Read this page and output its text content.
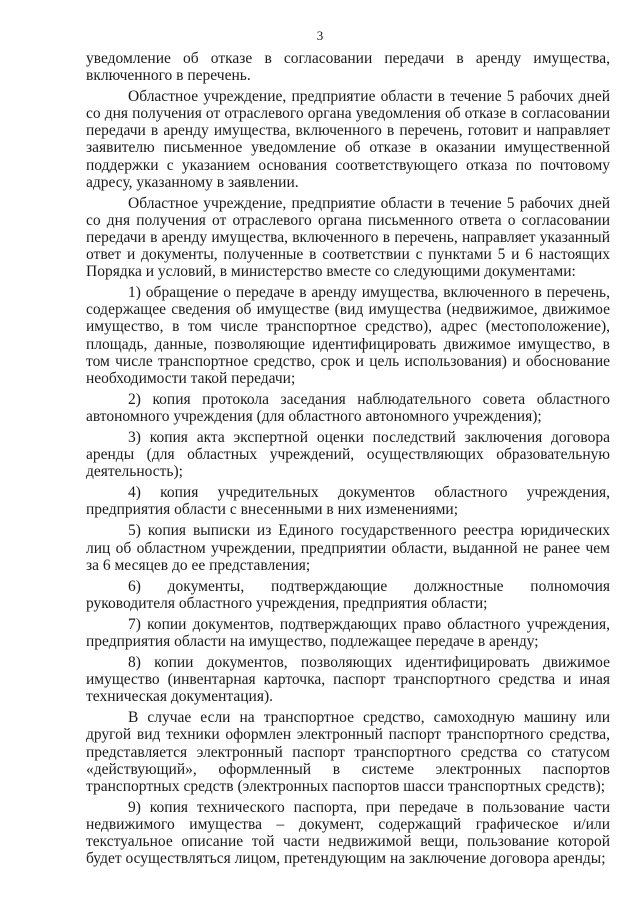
3

уведомление об отказе в согласовании передачи в аренду имущества, включенного в перечень.

Областное учреждение, предприятие области в течение 5 рабочих дней со дня получения от отраслевого органа уведомления об отказе в согласовании передачи в аренду имущества, включенного в перечень, готовит и направляет заявителю письменное уведомление об отказе в оказании имущественной поддержки с указанием основания соответствующего отказа по почтовому адресу, указанному в заявлении.

Областное учреждение, предприятие области в течение 5 рабочих дней со дня получения от отраслевого органа письменного ответа о согласовании передачи в аренду имущества, включенного в перечень, направляет указанный ответ и документы, полученные в соответствии с пунктами 5 и 6 настоящих Порядка и условий, в министерство вместе со следующими документами:

1) обращение о передаче в аренду имущества, включенного в перечень, содержащее сведения об имуществе (вид имущества (недвижимое, движимое имущество, в том числе транспортное средство), адрес (местоположение), площадь, данные, позволяющие идентифицировать движимое имущество, в том числе транспортное средство, срок и цель использования) и обоснование необходимости такой передачи;

2) копия протокола заседания наблюдательного совета областного автономного учреждения (для областного автономного учреждения);

3) копия акта экспертной оценки последствий заключения договора аренды (для областных учреждений, осуществляющих образовательную деятельность);

4) копия учредительных документов областного учреждения, предприятия области с внесенными в них изменениями;

5) копия выписки из Единого государственного реестра юридических лиц об областном учреждении, предприятии области, выданной не ранее чем за 6 месяцев до ее представления;

6) документы, подтверждающие должностные полномочия руководителя областного учреждения, предприятия области;

7) копии документов, подтверждающих право областного учреждения, предприятия области на имущество, подлежащее передаче в аренду;

8) копии документов, позволяющих идентифицировать движимое имущество (инвентарная карточка, паспорт транспортного средства и иная техническая документация).

В случае если на транспортное средство, самоходную машину или другой вид техники оформлен электронный паспорт транспортного средства, представляется электронный паспорт транспортного средства со статусом «действующий», оформленный в системе электронных паспортов транспортных средств (электронных паспортов шасси транспортных средств);

9) копия технического паспорта, при передаче в пользование части недвижимого имущества – документ, содержащий графическое и/или текстуальное описание той части недвижимой вещи, пользование которой будет осуществляться лицом, претендующим на заключение договора аренды;
